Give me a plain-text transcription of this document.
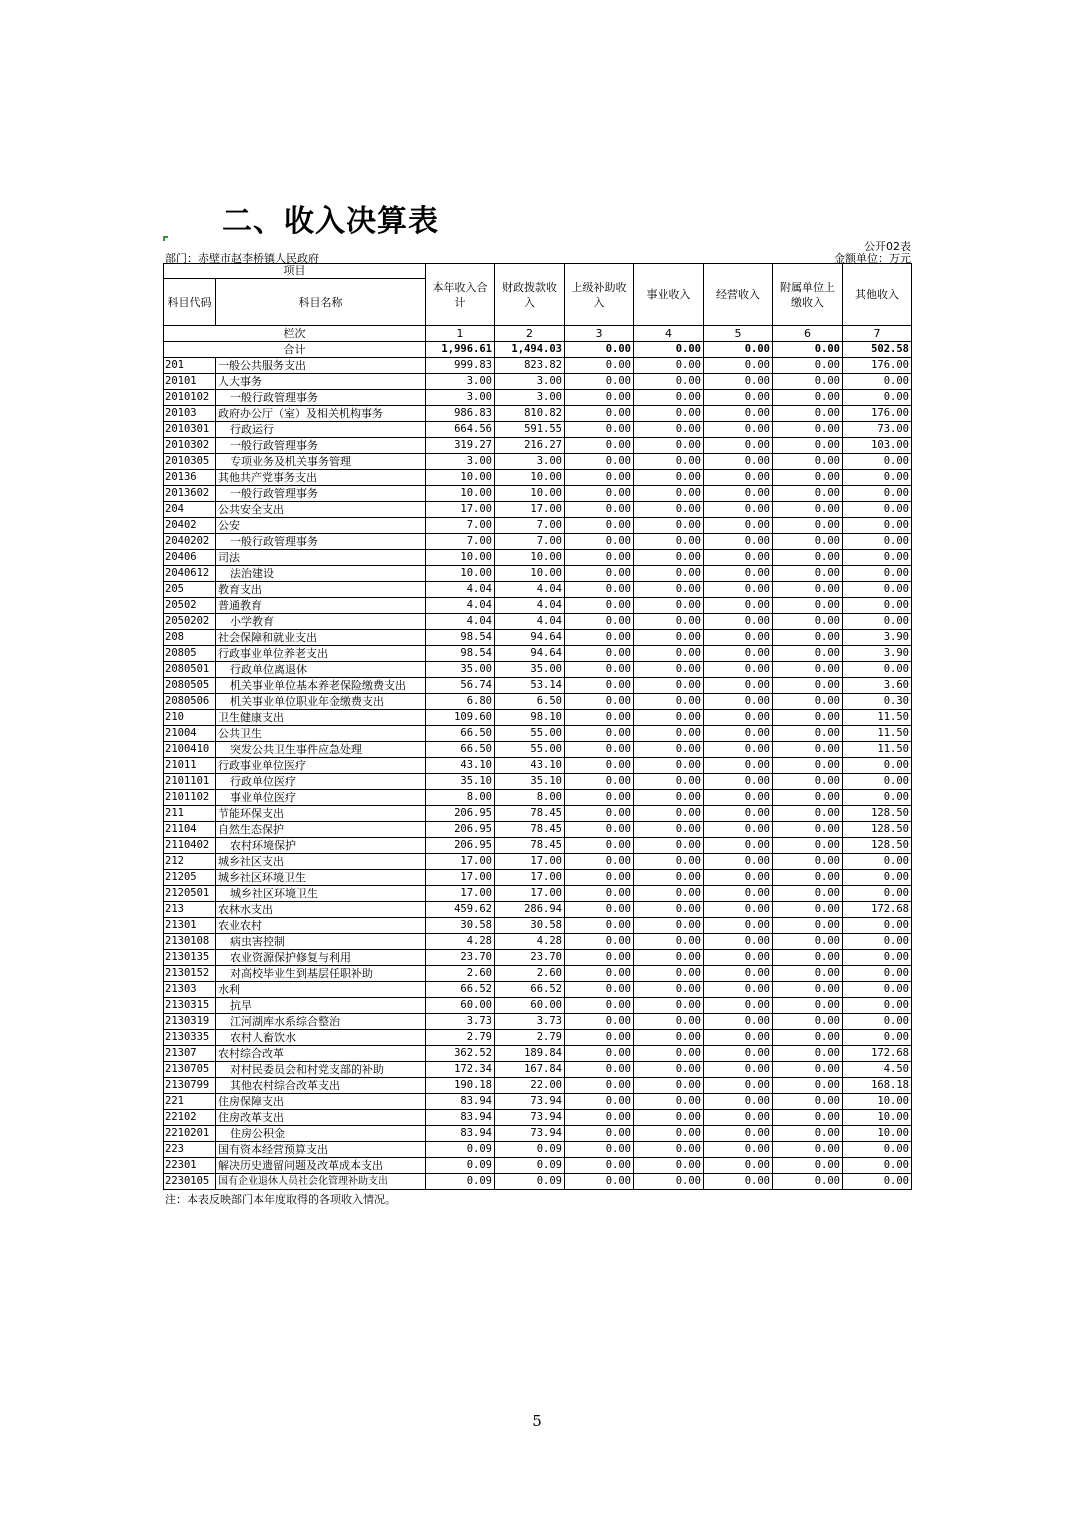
二、收入决算表
公开02表
金额单位：万元
部门：赤壁市赵李桥镇人民政府
项目		本年收入合计	财政拨款收入	上级补助收入	事业收入	经营收入	附属单位上缴收入	其他收入
科目代码	科目名称							
栏次		1	2	3	4	5	6	7
合计		1,996.61	1,494.03	0.00	0.00	0.00	0.00	502.58
201	一般公共服务支出	999.83	823.82	0.00	0.00	0.00	0.00	176.00
20101	人大事务	3.00	3.00	0.00	0.00	0.00	0.00	0.00
2010102	一般行政管理事务	3.00	3.00	0.00	0.00	0.00	0.00	0.00
20103	政府办公厅（室）及相关机构事务	986.83	810.82	0.00	0.00	0.00	0.00	176.00
2010301	行政运行	664.56	591.55	0.00	0.00	0.00	0.00	73.00
2010302	一般行政管理事务	319.27	216.27	0.00	0.00	0.00	0.00	103.00
2010305	专项业务及机关事务管理	3.00	3.00	0.00	0.00	0.00	0.00	0.00
20136	其他共产党事务支出	10.00	10.00	0.00	0.00	0.00	0.00	0.00
2013602	一般行政管理事务	10.00	10.00	0.00	0.00	0.00	0.00	0.00
204	公共安全支出	17.00	17.00	0.00	0.00	0.00	0.00	0.00
20402	公安	7.00	7.00	0.00	0.00	0.00	0.00	0.00
2040202	一般行政管理事务	7.00	7.00	0.00	0.00	0.00	0.00	0.00
20406	司法	10.00	10.00	0.00	0.00	0.00	0.00	0.00
2040612	法治建设	10.00	10.00	0.00	0.00	0.00	0.00	0.00
205	教育支出	4.04	4.04	0.00	0.00	0.00	0.00	0.00
20502	普通教育	4.04	4.04	0.00	0.00	0.00	0.00	0.00
2050202	小学教育	4.04	4.04	0.00	0.00	0.00	0.00	0.00
208	社会保障和就业支出	98.54	94.64	0.00	0.00	0.00	0.00	3.90
20805	行政事业单位养老支出	98.54	94.64	0.00	0.00	0.00	0.00	3.90
2080501	行政单位离退休	35.00	35.00	0.00	0.00	0.00	0.00	0.00
2080505	机关事业单位基本养老保险缴费支出	56.74	53.14	0.00	0.00	0.00	0.00	3.60
2080506	机关事业单位职业年金缴费支出	6.80	6.50	0.00	0.00	0.00	0.00	0.30
210	卫生健康支出	109.60	98.10	0.00	0.00	0.00	0.00	11.50
21004	公共卫生	66.50	55.00	0.00	0.00	0.00	0.00	11.50
2100410	突发公共卫生事件应急处理	66.50	55.00	0.00	0.00	0.00	0.00	11.50
21011	行政事业单位医疗	43.10	43.10	0.00	0.00	0.00	0.00	0.00
2101101	行政单位医疗	35.10	35.10	0.00	0.00	0.00	0.00	0.00
2101102	事业单位医疗	8.00	8.00	0.00	0.00	0.00	0.00	0.00
211	节能环保支出	206.95	78.45	0.00	0.00	0.00	0.00	128.50
21104	自然生态保护	206.95	78.45	0.00	0.00	0.00	0.00	128.50
2110402	农村环境保护	206.95	78.45	0.00	0.00	0.00	0.00	128.50
212	城乡社区支出	17.00	17.00	0.00	0.00	0.00	0.00	0.00
21205	城乡社区环境卫生	17.00	17.00	0.00	0.00	0.00	0.00	0.00
2120501	城乡社区环境卫生	17.00	17.00	0.00	0.00	0.00	0.00	0.00
213	农林水支出	459.62	286.94	0.00	0.00	0.00	0.00	172.68
21301	农业农村	30.58	30.58	0.00	0.00	0.00	0.00	0.00
2130108	病虫害控制	4.28	4.28	0.00	0.00	0.00	0.00	0.00
2130135	农业资源保护修复与利用	23.70	23.70	0.00	0.00	0.00	0.00	0.00
2130152	对高校毕业生到基层任职补助	2.60	2.60	0.00	0.00	0.00	0.00	0.00
21303	水利	66.52	66.52	0.00	0.00	0.00	0.00	0.00
2130315	抗旱	60.00	60.00	0.00	0.00	0.00	0.00	0.00
2130319	江河湖库水系综合整治	3.73	3.73	0.00	0.00	0.00	0.00	0.00
2130335	农村人畜饮水	2.79	2.79	0.00	0.00	0.00	0.00	0.00
21307	农村综合改革	362.52	189.84	0.00	0.00	0.00	0.00	172.68
2130705	对村民委员会和村党支部的补助	172.34	167.84	0.00	0.00	0.00	0.00	4.50
2130799	其他农村综合改革支出	190.18	22.00	0.00	0.00	0.00	0.00	168.18
221	住房保障支出	83.94	73.94	0.00	0.00	0.00	0.00	10.00
22102	住房改革支出	83.94	73.94	0.00	0.00	0.00	0.00	10.00
2210201	住房公积金	83.94	73.94	0.00	0.00	0.00	0.00	10.00
223	国有资本经营预算支出	0.09	0.09	0.00	0.00	0.00	0.00	0.00
22301	解决历史遗留问题及改革成本支出	0.09	0.09	0.00	0.00	0.00	0.00	0.00
2230105	国有企业退休人员社会化管理补助支出	0.09	0.09	0.00	0.00	0.00	0.00	0.00
注：本表反映部门本年度取得的各项收入情况。
5
